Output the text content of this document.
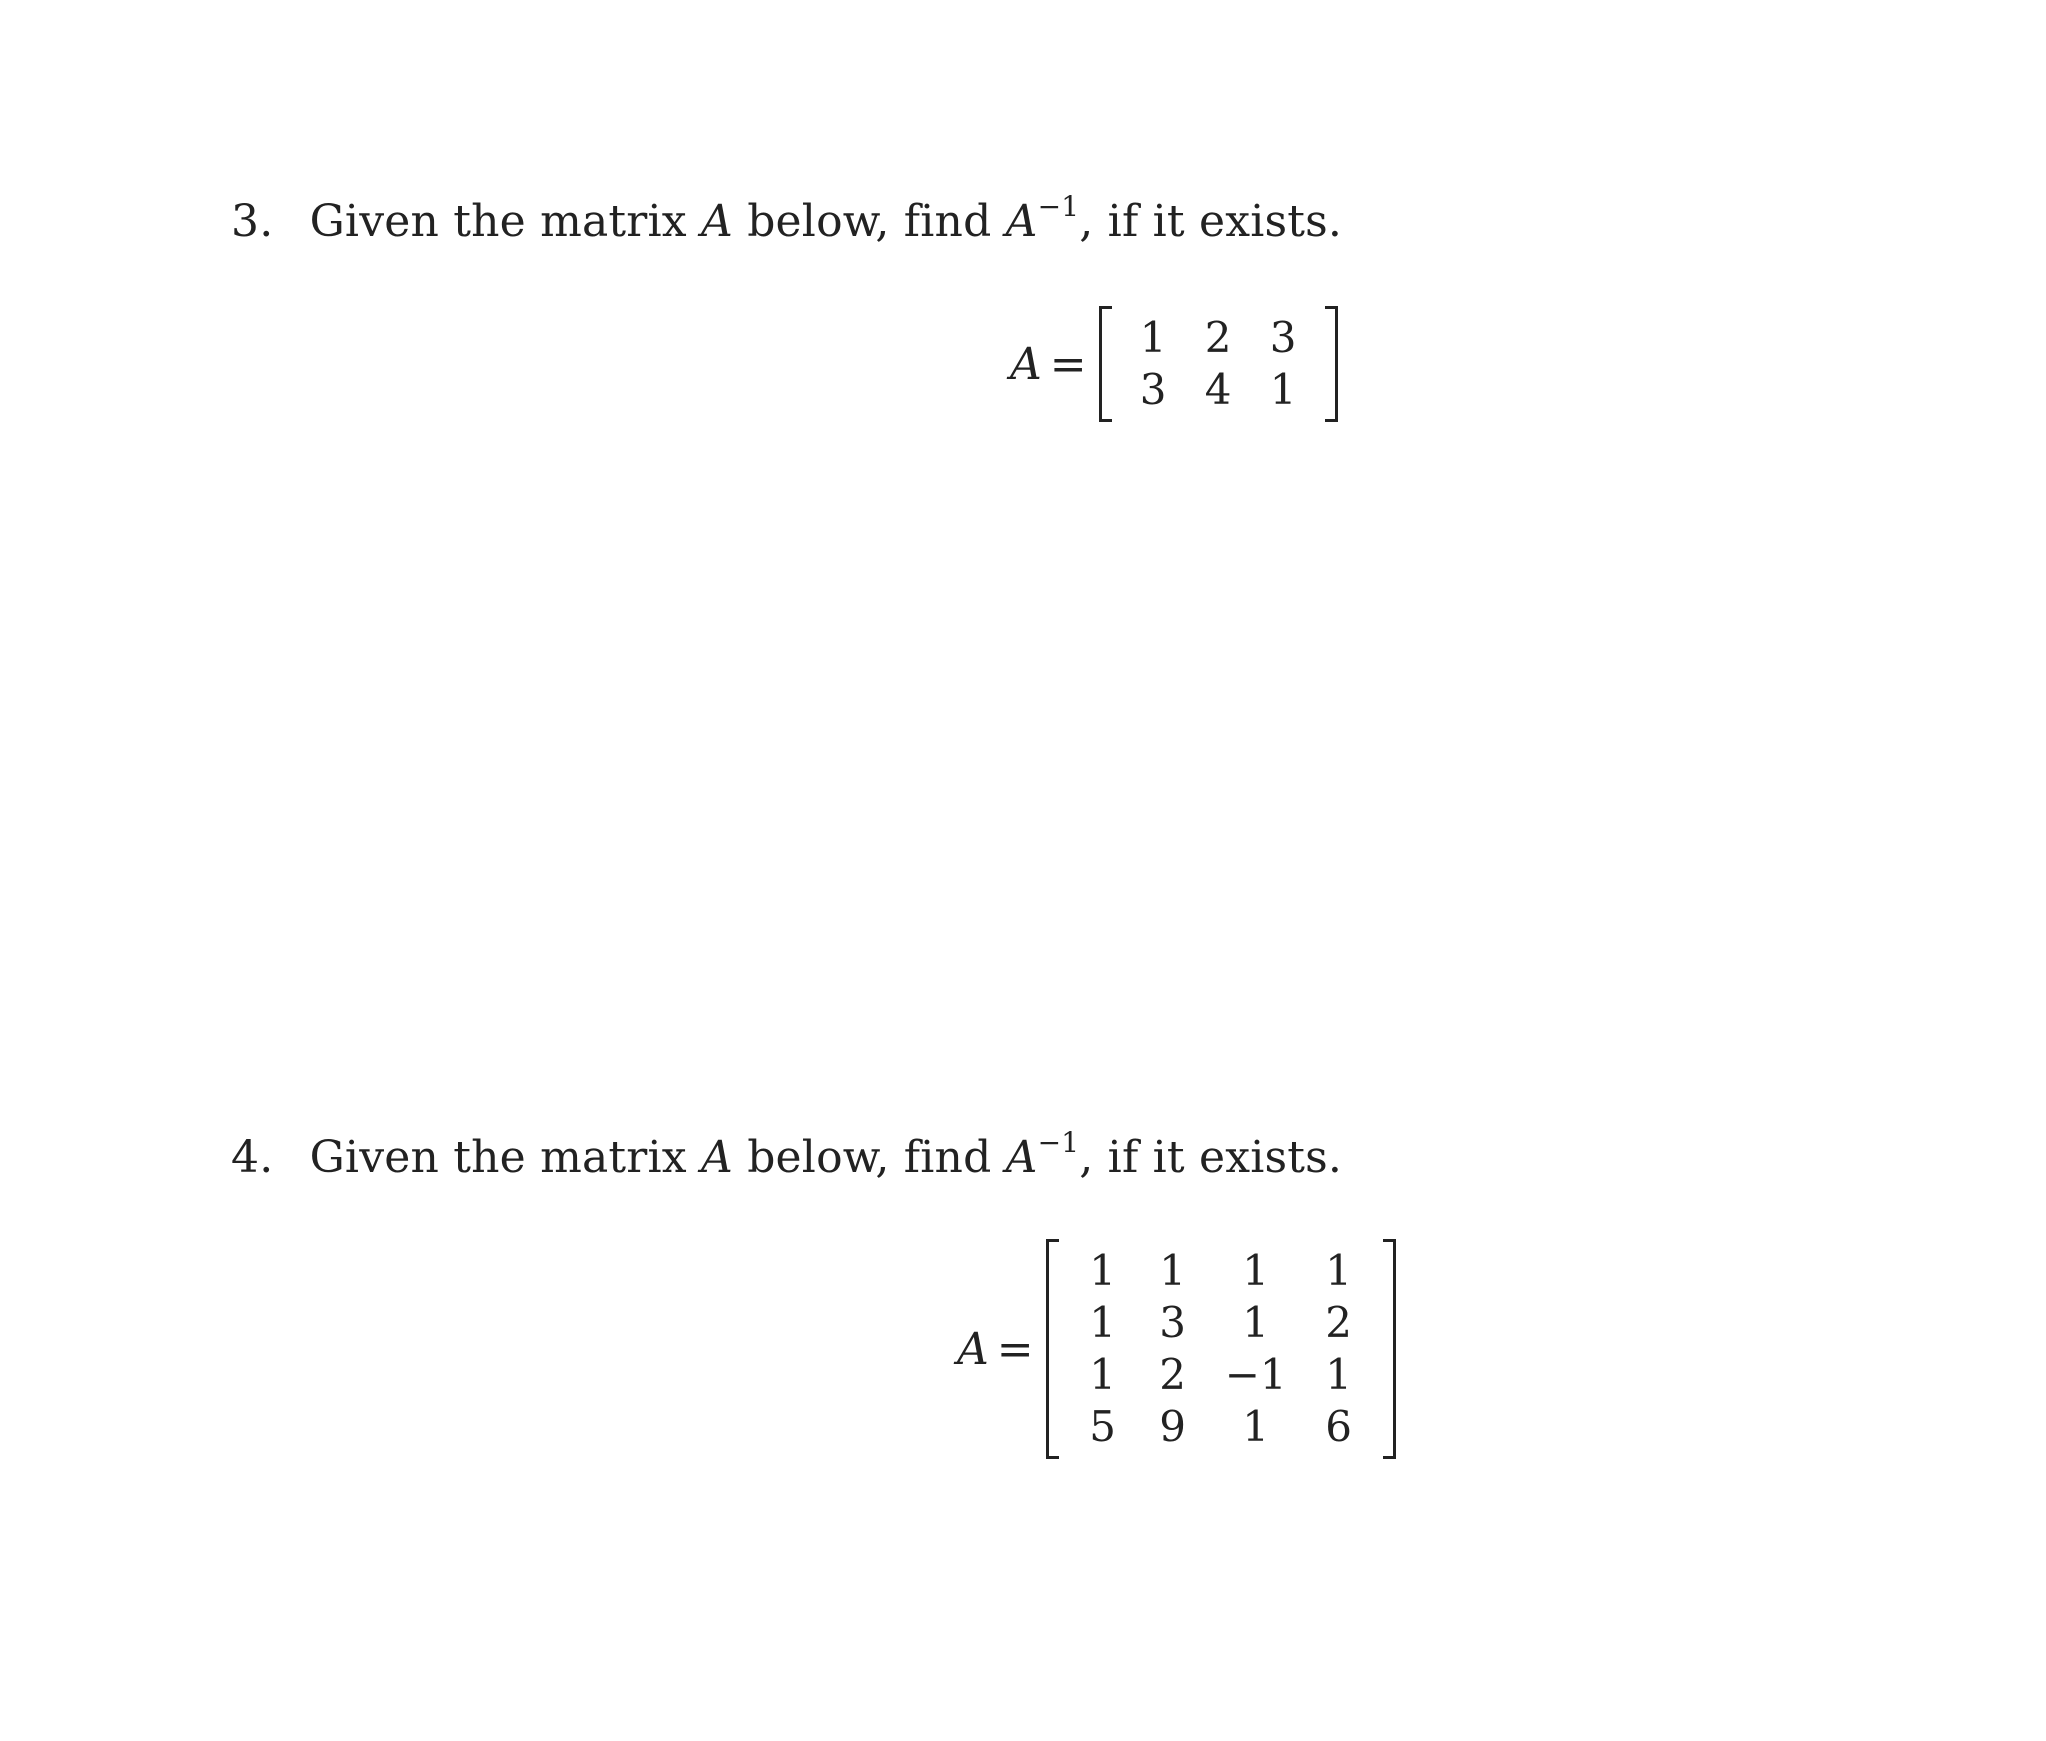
3. Given the matrix A below, find $A^{-1}$, if it exists.
A =
1	2	3
3	4	1
4. Given the matrix A below, find $A^{-1}$, if it exists.
A =
1	1	1	1
1	3	1	2
1	2	−1	1
5	9	1	6
